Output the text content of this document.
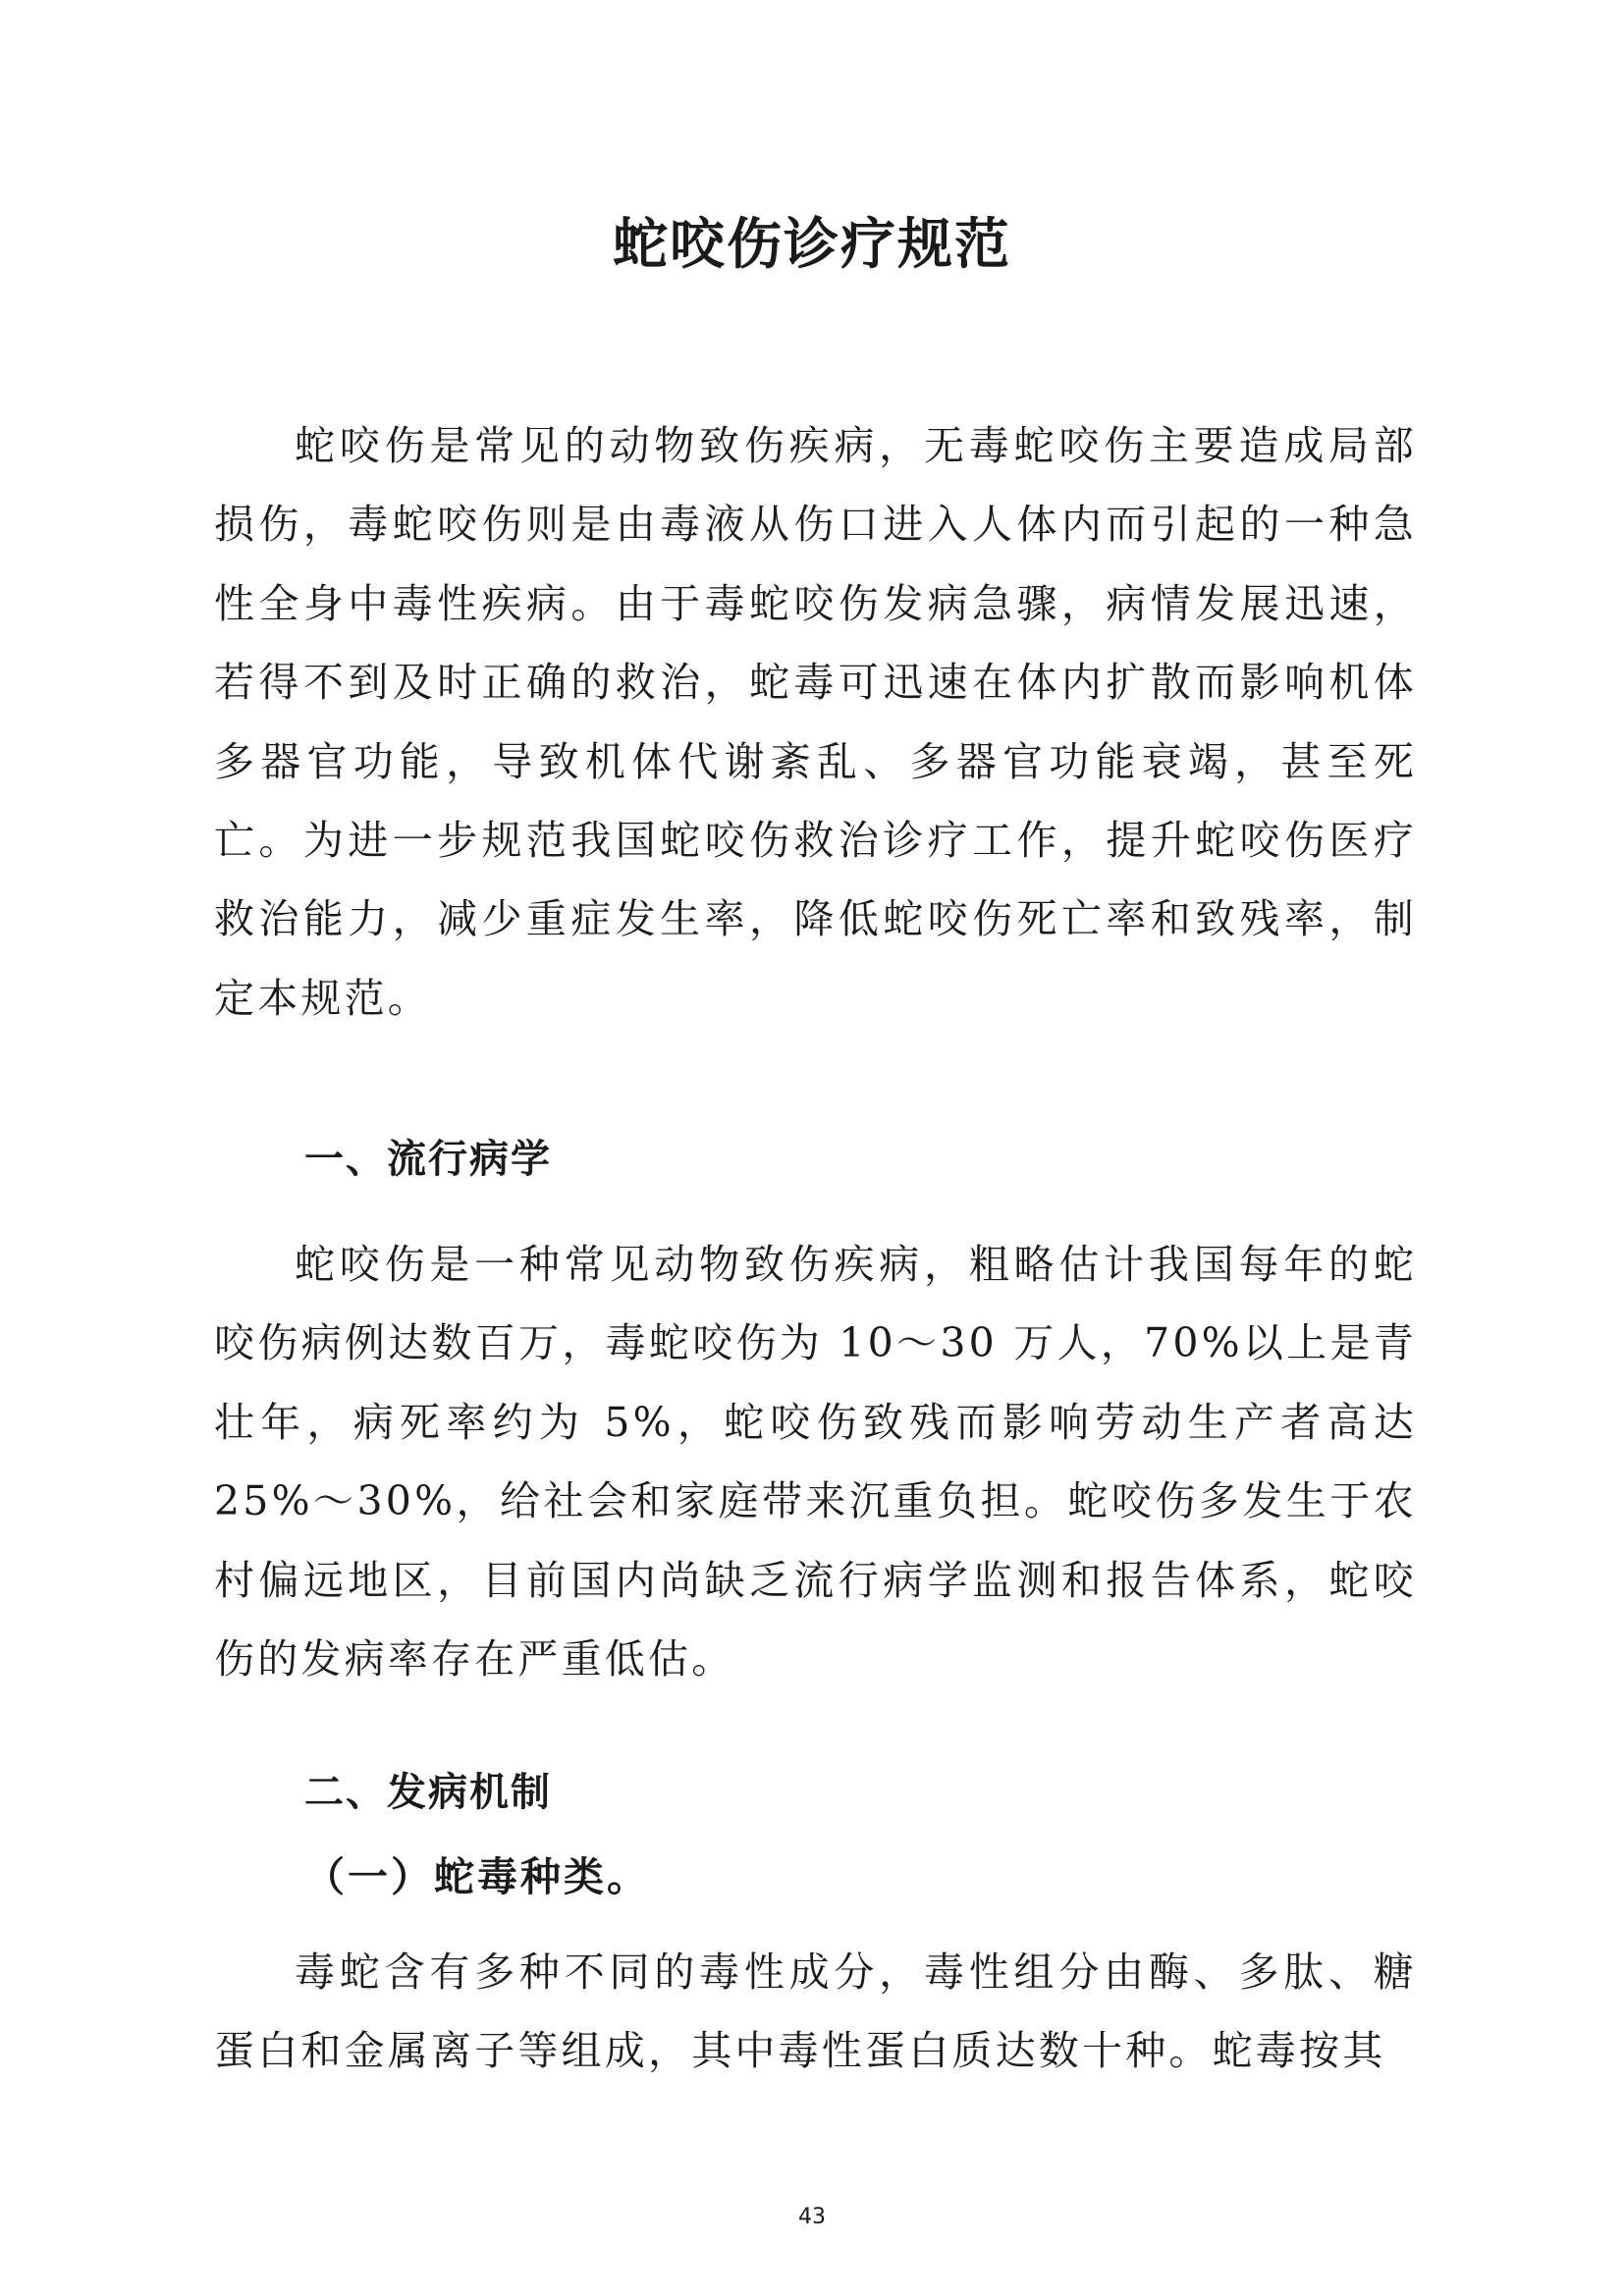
蛇咬伤诊疗规范

蛇咬伤是常见的动物致伤疾病，无毒蛇咬伤主要造成局部损伤，毒蛇咬伤则是由毒液从伤口进入人体内而引起的一种急性全身中毒性疾病。由于毒蛇咬伤发病急骤，病情发展迅速，若得不到及时正确的救治，蛇毒可迅速在体内扩散而影响机体多器官功能，导致机体代谢紊乱、多器官功能衰竭，甚至死亡。为进一步规范我国蛇咬伤救治诊疗工作，提升蛇咬伤医疗救治能力，减少重症发生率，降低蛇咬伤死亡率和致残率，制定本规范。

一、流行病学

蛇咬伤是一种常见动物致伤疾病，粗略估计我国每年的蛇咬伤病例达数百万，毒蛇咬伤为 10～30 万人，70%以上是青壮年，病死率约为 5%，蛇咬伤致残而影响劳动生产者高达 25%～30%，给社会和家庭带来沉重负担。蛇咬伤多发生于农村偏远地区，目前国内尚缺乏流行病学监测和报告体系，蛇咬伤的发病率存在严重低估。

二、发病机制
（一）蛇毒种类。

毒蛇含有多种不同的毒性成分，毒性组分由酶、多肽、糖蛋白和金属离子等组成，其中毒性蛋白质达数十种。蛇毒按其

43
